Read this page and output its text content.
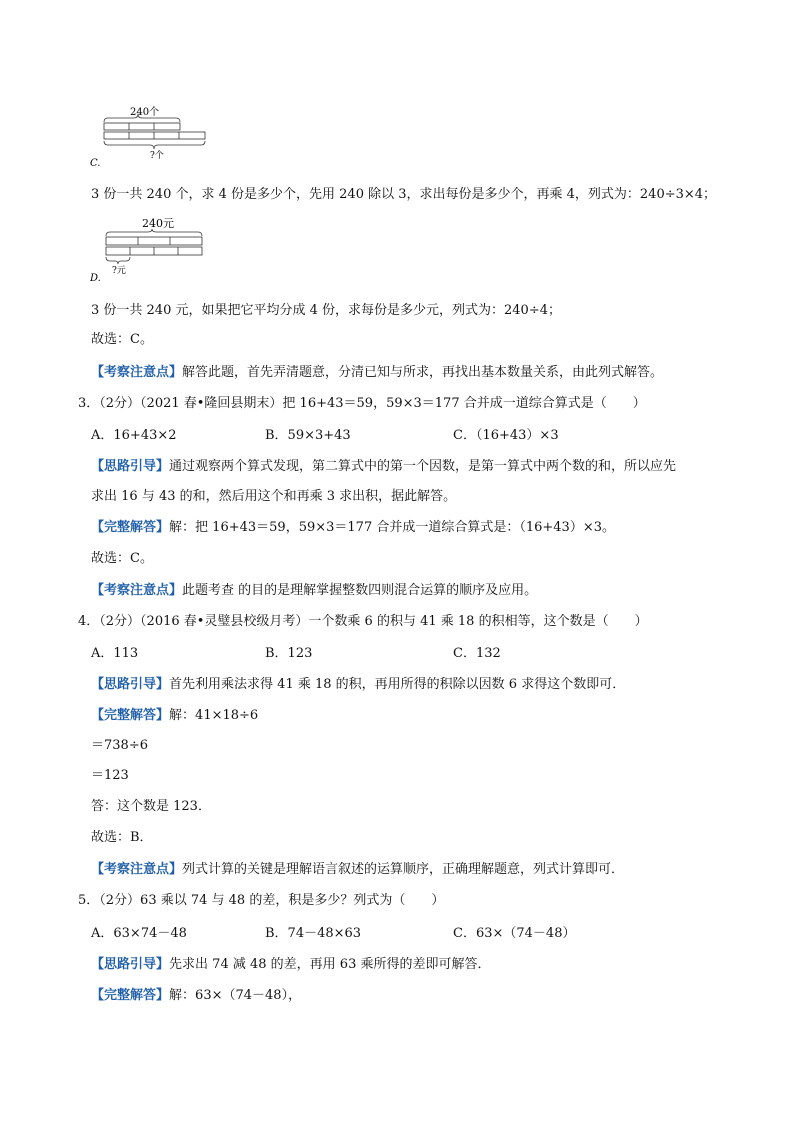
240个
?个
C.
3 份一共 240 个，求 4 份是多少个，先用 240 除以 3，求出每份是多少个，再乘 4，列式为：240÷3×4；
240元
?元
D.
3 份一共 240 元，如果把它平均分成 4 份，求每份是多少元，列式为：240÷4；
故选：C。
【 考察注意点 】 解答此题，首先弄清题意，分清已知与所求，再找出基本数量关系，由此列式解答。
3．（2分）（2021 春•隆回县期末）把 16+43＝59，59×3＝177 合并成一道综合算式是（　　）
A．16+43×2	B．59×3+43	C．（16+43）×3
【 思路引导 】 通过观察两个算式发现，第二算式中的第一个因数，是第一算式中两个数的和，所以应先
求出 16 与 43 的和，然后用这个和再乘 3 求出积，据此解答。
【 完整解答 】 解：把 16+43＝59，59×3＝177 合并成一道综合算式是：（16+43）×3。
故选：C。
【 考察注意点 】 此题考查 的目的是理解掌握整数四则混合运算的顺序及应用。
4．（2分）（2016 春•灵璧县校级月考）一个数乘 6 的积与 41 乘 18 的积相等，这个数是（　　）
A．113	B．123	C．132
【 思路引导 】 首先利用乘法求得 41 乘 18 的积，再用所得的积除以因数 6 求得这个数即可．
【 完整解答 】 解：41×18÷6
＝738÷6
＝123
答：这个数是 123．
故选：B．
【 考察注意点 】 列式计算的关键是理解语言叙述的运算顺序，正确理解题意，列式计算即可．
5．（2分）63 乘以 74 与 48 的差，积是多少？列式为（　　）
A．63×74－48	B．74－48×63	C．63×（74－48）
【 思路引导 】 先求出 74 减 48 的差，再用 63 乘所得的差即可解答．
【 完整解答 】 解：63×（74－48），
